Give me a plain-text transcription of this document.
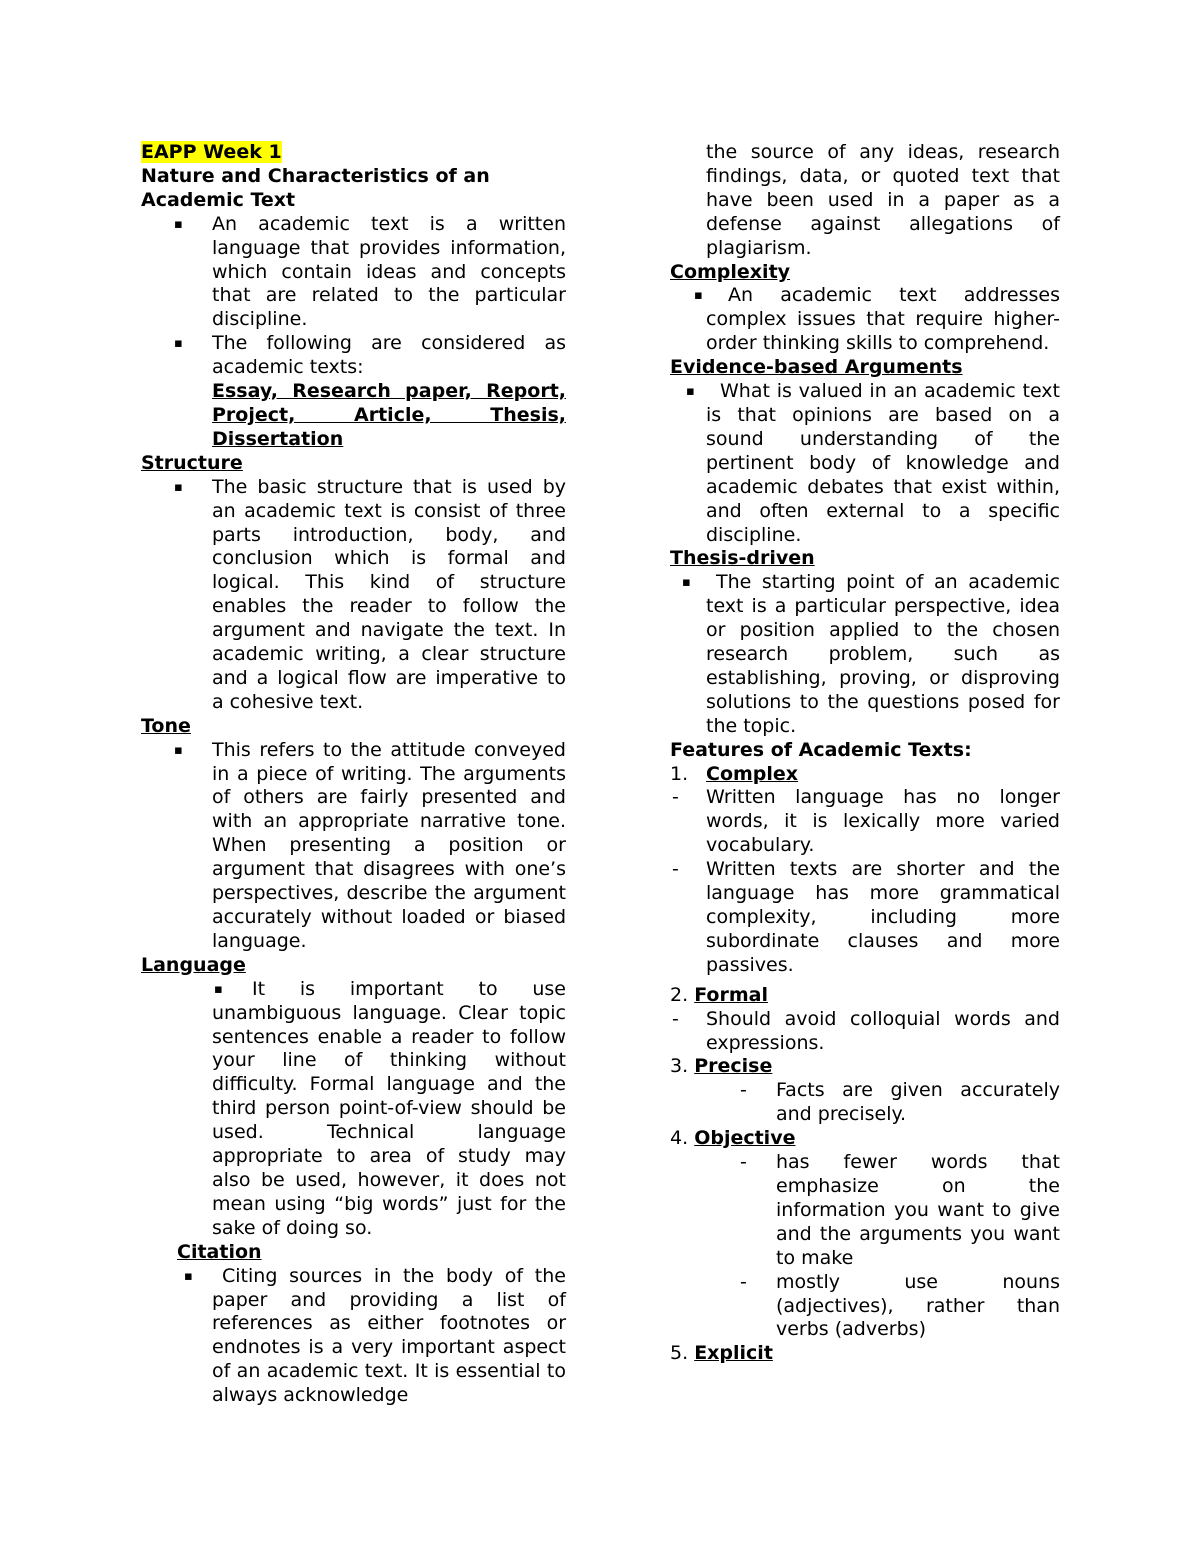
EAPP Week 1

Nature and Characteristics of an

Academic Text

▪ An academic text is a written language that provides information, which contain ideas and concepts that are related to the particular discipline.

▪ The following are considered as academic texts:

Essay, Research paper, Report,

Project, Article, Thesis,

Dissertation

Structure

▪ The basic structure that is used by an academic text is consist of three parts introduction, body, and conclusion which is formal and logical. This kind of structure enables the reader to follow the argument and navigate the text. In academic writing, a clear structure and a logical flow are imperative to a cohesive text.

Tone

▪ This refers to the attitude conveyed in a piece of writing. The arguments of others are fairly presented and with an appropriate narrative tone. When presenting a position or argument that disagrees with one’s perspectives, describe the argument accurately without loaded or biased language.

Language

▪ It is important to use unambiguous language. Clear topic sentences enable a reader to follow your line of thinking without difficulty. Formal language and the third person point-of-view should be used. Technical language appropriate to area of study may also be used, however, it does not mean using “big words” just for the sake of doing so.

Citation

▪ Citing sources in the body of the paper and providing a list of references as either footnotes or endnotes is a very important aspect of an academic text. It is essential to always acknowledge

the source of any ideas, research findings, data, or quoted text that have been used in a paper as a defense against allegations of plagiarism.

Complexity

▪ An academic text addresses complex issues that require higher-order thinking skills to comprehend.

Evidence-based Arguments

▪ What is valued in an academic text is that opinions are based on a sound understanding of the pertinent body of knowledge and academic debates that exist within, and often external to a specific discipline.

Thesis-driven

▪ The starting point of an academic text is a particular perspective, idea or position applied to the chosen research problem, such as establishing, proving, or disproving solutions to the questions posed for the topic.

Features of Academic Texts:

1. Complex

- Written language has no longer words, it is lexically more varied vocabulary.

- Written texts are shorter and the language has more grammatical complexity, including more subordinate clauses and more passives.

2. Formal

- Should avoid colloquial words and expressions.

3. Precise

- Facts are given accurately and precisely.

4. Objective

- has fewer words that emphasize on the information you want to give and the arguments you want to make

- mostly use nouns (adjectives), rather than verbs (adverbs)

5. Explicit
